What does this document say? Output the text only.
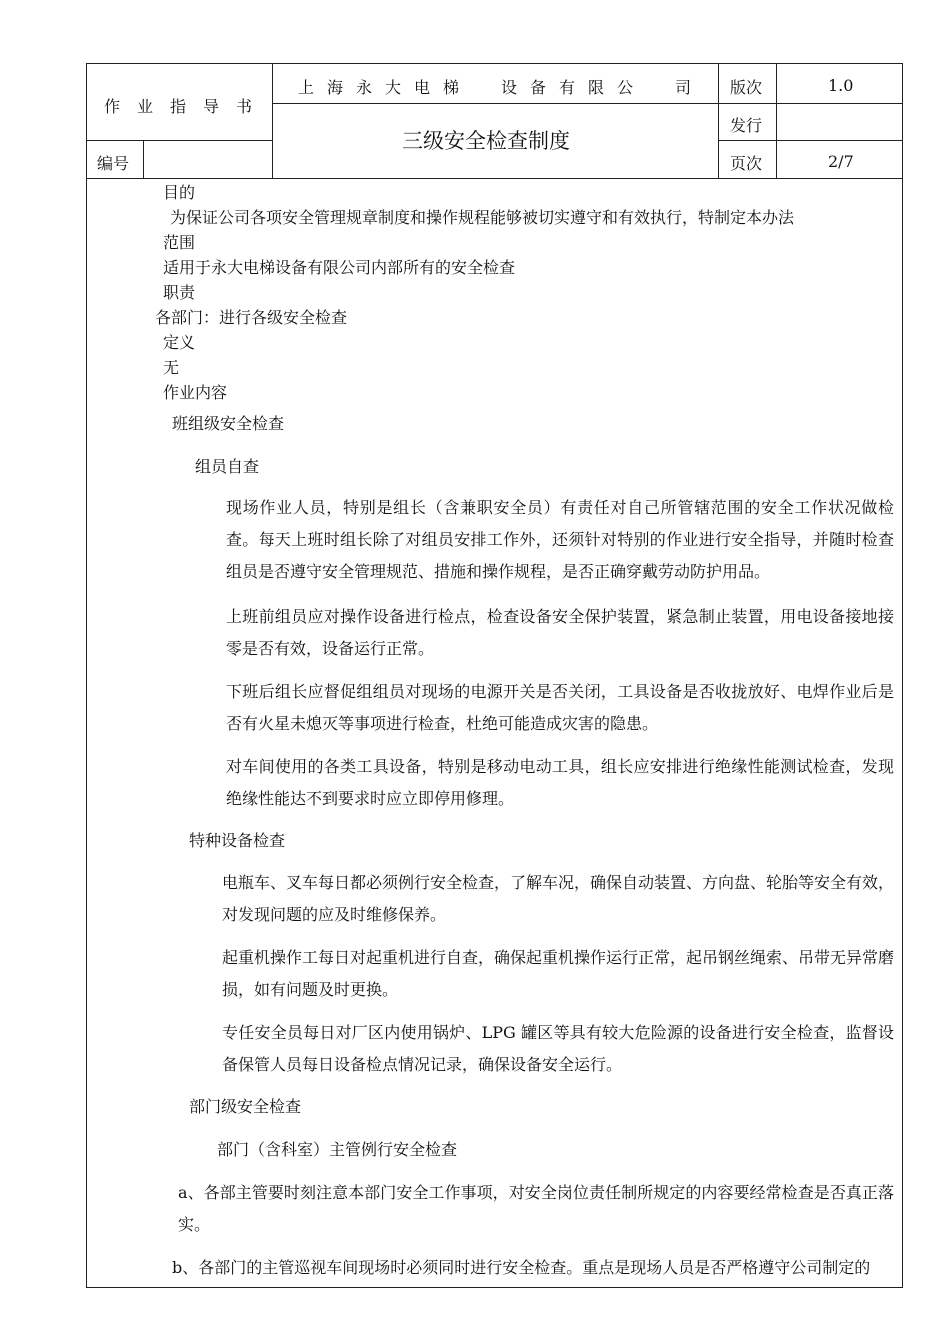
作业指导书
上海永大电梯　设备有限公　司
三级安全检查制度
编号
版次	1.0
发行
页次	2/7
目的
为保证公司各项安全管理规章制度和操作规程能够被切实遵守和有效执行，特制定本办法
范围
适用于永大电梯设备有限公司内部所有的安全检查
职责
各部门：进行各级安全检查
定义
无
作业内容
班组级安全检查
组员自查
现场作业人员，特别是组长（含兼职安全员）有责任对自己所管辖范围的安全工作状况做检查。每天上班时组长除了对组员安排工作外，还须针对特别的作业进行安全指导，并随时检查组员是否遵守安全管理规范、措施和操作规程，是否正确穿戴劳动防护用品。
上班前组员应对操作设备进行检点，检查设备安全保护装置，紧急制止装置，用电设备接地接零是否有效，设备运行正常。
下班后组长应督促组组员对现场的电源开关是否关闭，工具设备是否收拢放好、电焊作业后是否有火星未熄灭等事项进行检查，杜绝可能造成灾害的隐患。
对车间使用的各类工具设备，特别是移动电动工具，组长应安排进行绝缘性能测试检查，发现绝缘性能达不到要求时应立即停用修理。
特种设备检查
电瓶车、叉车每日都必须例行安全检查，了解车况，确保自动装置、方向盘、轮胎等安全有效，对发现问题的应及时维修保养。
起重机操作工每日对起重机进行自查，确保起重机操作运行正常，起吊钢丝绳索、吊带无异常磨损，如有问题及时更换。
专任安全员每日对厂区内使用锅炉、LPG 罐区等具有较大危险源的设备进行安全检查，监督设备保管人员每日设备检点情况记录，确保设备安全运行。
部门级安全检查
部门（含科室）主管例行安全检查
a、各部主管要时刻注意本部门安全工作事项，对安全岗位责任制所规定的内容要经常检查是否真正落实。
b、各部门的主管巡视车间现场时必须同时进行安全检查。重点是现场人员是否严格遵守公司制定的
